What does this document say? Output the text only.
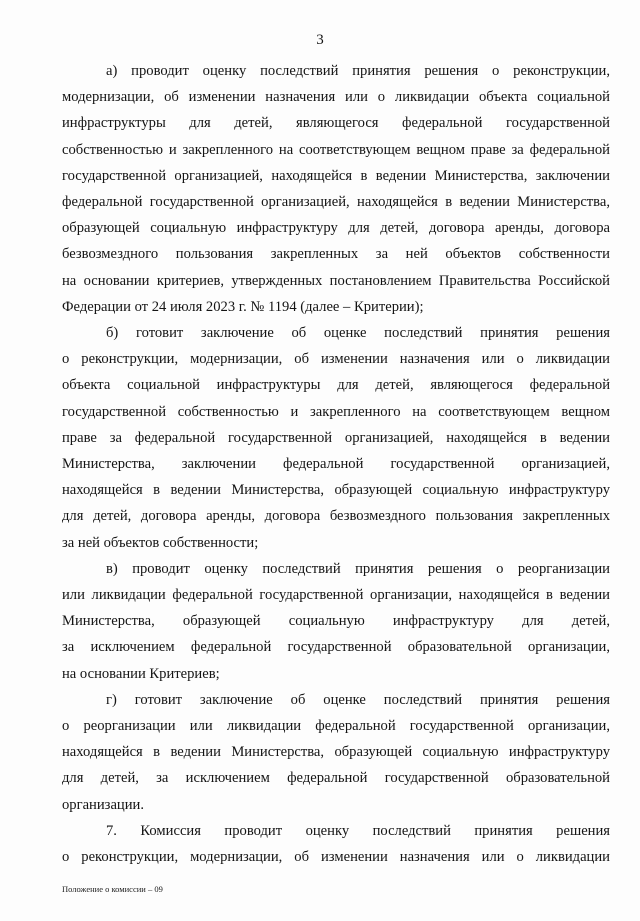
3

а) проводит оценку последствий принятия решения о реконструкции,
модернизации, об изменении назначения или о ликвидации объекта социальной
инфраструктуры для детей, являющегося федеральной государственной
собственностью и закрепленного на соответствующем вещном праве за федеральной
государственной организацией, находящейся в ведении Министерства, заключении
федеральной государственной организацией, находящейся в ведении Министерства,
образующей социальную инфраструктуру для детей, договора аренды, договора
безвозмездного пользования закрепленных за ней объектов собственности
на основании критериев, утвержденных постановлением Правительства Российской
Федерации от 24 июля 2023 г. № 1194 (далее – Критерии);

б) готовит заключение об оценке последствий принятия решения
о реконструкции, модернизации, об изменении назначения или о ликвидации
объекта социальной инфраструктуры для детей, являющегося федеральной
государственной собственностью и закрепленного на соответствующем вещном
праве за федеральной государственной организацией, находящейся в ведении
Министерства, заключении федеральной государственной организацией,
находящейся в ведении Министерства, образующей социальную инфраструктуру
для детей, договора аренды, договора безвозмездного пользования закрепленных
за ней объектов собственности;

в) проводит оценку последствий принятия решения о реорганизации
или ликвидации федеральной государственной организации, находящейся в ведении
Министерства, образующей социальную инфраструктуру для детей,
за исключением федеральной государственной образовательной организации,
на основании Критериев;

г) готовит заключение об оценке последствий принятия решения
о реорганизации или ликвидации федеральной государственной организации,
находящейся в ведении Министерства, образующей социальную инфраструктуру
для детей, за исключением федеральной государственной образовательной
организации.

7. Комиссия проводит оценку последствий принятия решения
о реконструкции, модернизации, об изменении назначения или о ликвидации

Положение о комиссии – 09
